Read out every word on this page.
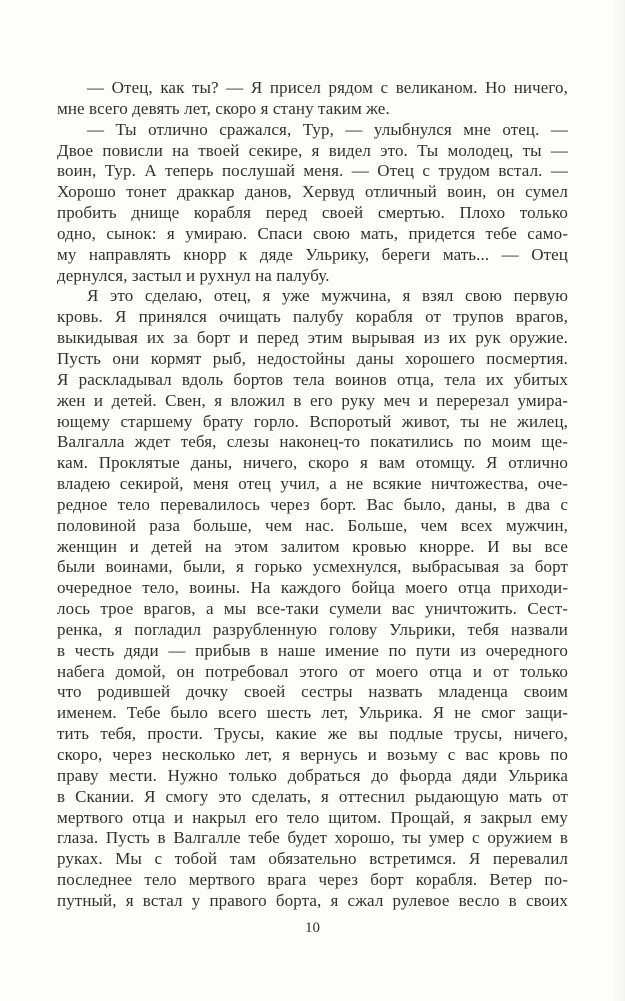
— Отец, как ты? — Я присел рядом с великаном. Но ничего,
мне всего девять лет, скоро я стану таким же.
— Ты отлично сражался, Тур, — улыбнулся мне отец. —
Двое повисли на твоей секире, я видел это. Ты молодец, ты —
воин, Тур. А теперь послушай меня. — Отец с трудом встал. —
Хорошо тонет драккар данов, Хервуд отличный воин, он сумел
пробить днище корабля перед своей смертью. Плохо только
одно, сынок: я умираю. Спаси свою мать, придется тебе само-
му направлять кнорр к дяде Ульрику, береги мать... — Отец
дернулся, застыл и рухнул на палубу.
Я это сделаю, отец, я уже мужчина, я взял свою первую
кровь. Я принялся очищать палубу корабля от трупов врагов,
выкидывая их за борт и перед этим вырывая из их рук оружие.
Пусть они кормят рыб, недостойны даны хорошего посмертия.
Я раскладывал вдоль бортов тела воинов отца, тела их убитых
жен и детей. Свен, я вложил в его руку меч и перерезал умира-
ющему старшему брату горло. Вспоротый живот, ты не жилец,
Валгалла ждет тебя, слезы наконец-то покатились по моим ще-
кам. Проклятые даны, ничего, скоро я вам отомщу. Я отлично
владею секирой, меня отец учил, а не всякие ничтожества, оче-
редное тело перевалилось через борт. Вас было, даны, в два с
половиной раза больше, чем нас. Больше, чем всех мужчин,
женщин и детей на этом залитом кровью кнорре. И вы все
были воинами, были, я горько усмехнулся, выбрасывая за борт
очередное тело, воины. На каждого бойца моего отца приходи-
лось трое врагов, а мы все-таки сумели вас уничтожить. Сест-
ренка, я погладил разрубленную голову Ульрики, тебя назвали
в честь дяди — прибыв в наше имение по пути из очередного
набега домой, он потребовал этого от моего отца и от только
что родившей дочку своей сестры назвать младенца своим
именем. Тебе было всего шесть лет, Ульрика. Я не смог защи-
тить тебя, прости. Трусы, какие же вы подлые трусы, ничего,
скоро, через несколько лет, я вернусь и возьму с вас кровь по
праву мести. Нужно только добраться до фьорда дяди Ульрика
в Скании. Я смогу это сделать, я оттеснил рыдающую мать от
мертвого отца и накрыл его тело щитом. Прощай, я закрыл ему
глаза. Пусть в Валгалле тебе будет хорошо, ты умер с оружием в
руках. Мы с тобой там обязательно встретимся. Я перевалил
последнее тело мертвого врага через борт корабля. Ветер по-
путный, я встал у правого борта, я сжал рулевое весло в своих
10
